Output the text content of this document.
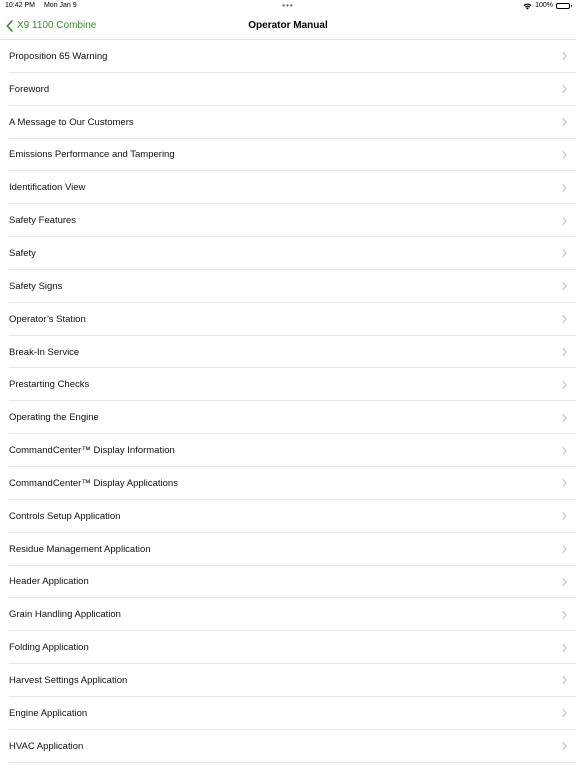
10:42 PM Mon Jan 9	•••	100%
Operator Manual
X9 1100 Combine
Proposition 65 Warning
Foreword
A Message to Our Customers
Emissions Performance and Tampering
Identification View
Safety Features
Safety
Safety Signs
Operator’s Station
Break-In Service
Prestarting Checks
Operating the Engine
CommandCenter™ Display Information
CommandCenter™ Display Applications
Controls Setup Application
Residue Management Application
Header Application
Grain Handling Application
Folding Application
Harvest Settings Application
Engine Application
HVAC Application
